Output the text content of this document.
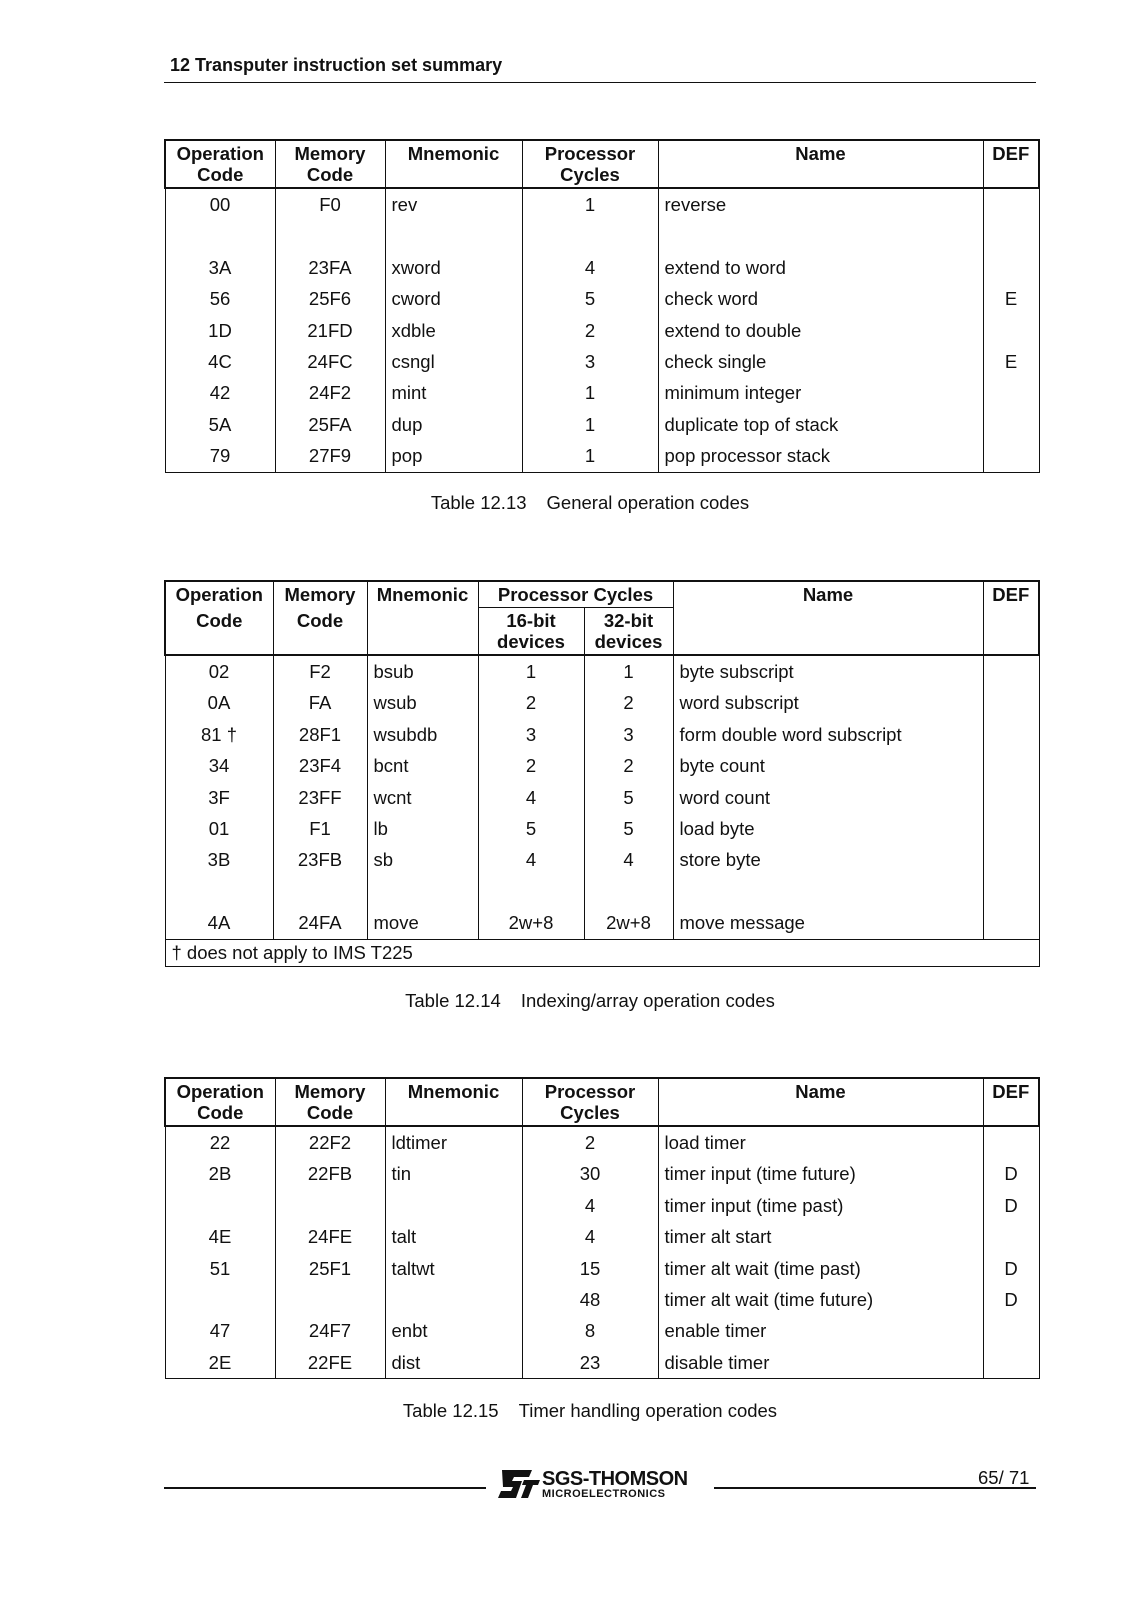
12 Transputer instruction set summary
Operation Code	Memory Code	Mnemonic	Processor Cycles	Name	DEF
00	F0	rev	1	reverse	

3A	23FA	xword	4	extend to word	
56	25F6	cword	5	check word	E
1D	21FD	xdble	2	extend to double	
4C	24FC	csngl	3	check single	E
42	24F2	mint	1	minimum integer	
5A	25FA	dup	1	duplicate top of stack	
79	27F9	pop	1	pop processor stack	
Table 12.13 General operation codes
Operation	Memory	Mnemonic	Processor Cycles		Name	DEF
Code	Code		16-bit devices	32-bit devices		
02	F2	bsub	1	1	byte subscript	
0A	FA	wsub	2	2	word subscript	
81 †	28F1	wsubdb	3	3	form double word subscript	
34	23F4	bcnt	2	2	byte count	
3F	23FF	wcnt	4	5	word count	
01	F1	lb	5	5	load byte	
3B	23FB	sb	4	4	store byte	

4A	24FA	move	2w+8	2w+8	move message	
† does not apply to IMS T225						
Table 12.14 Indexing/array operation codes
Operation Code	Memory Code	Mnemonic	Processor Cycles	Name	DEF
22	22F2	ldtimer	2	load timer	
2B	22FB	tin	30	timer input (time future)	D
			4	timer input (time past)	D
4E	24FE	talt	4	timer alt start	
51	25F1	taltwt	15	timer alt wait (time past)	D
			48	timer alt wait (time future)	D
47	24F7	enbt	8	enable timer	
2E	22FE	dist	23	disable timer	
Table 12.15 Timer handling operation codes
SGS-THOMSON
MICROELECTRONICS
65/ 71
